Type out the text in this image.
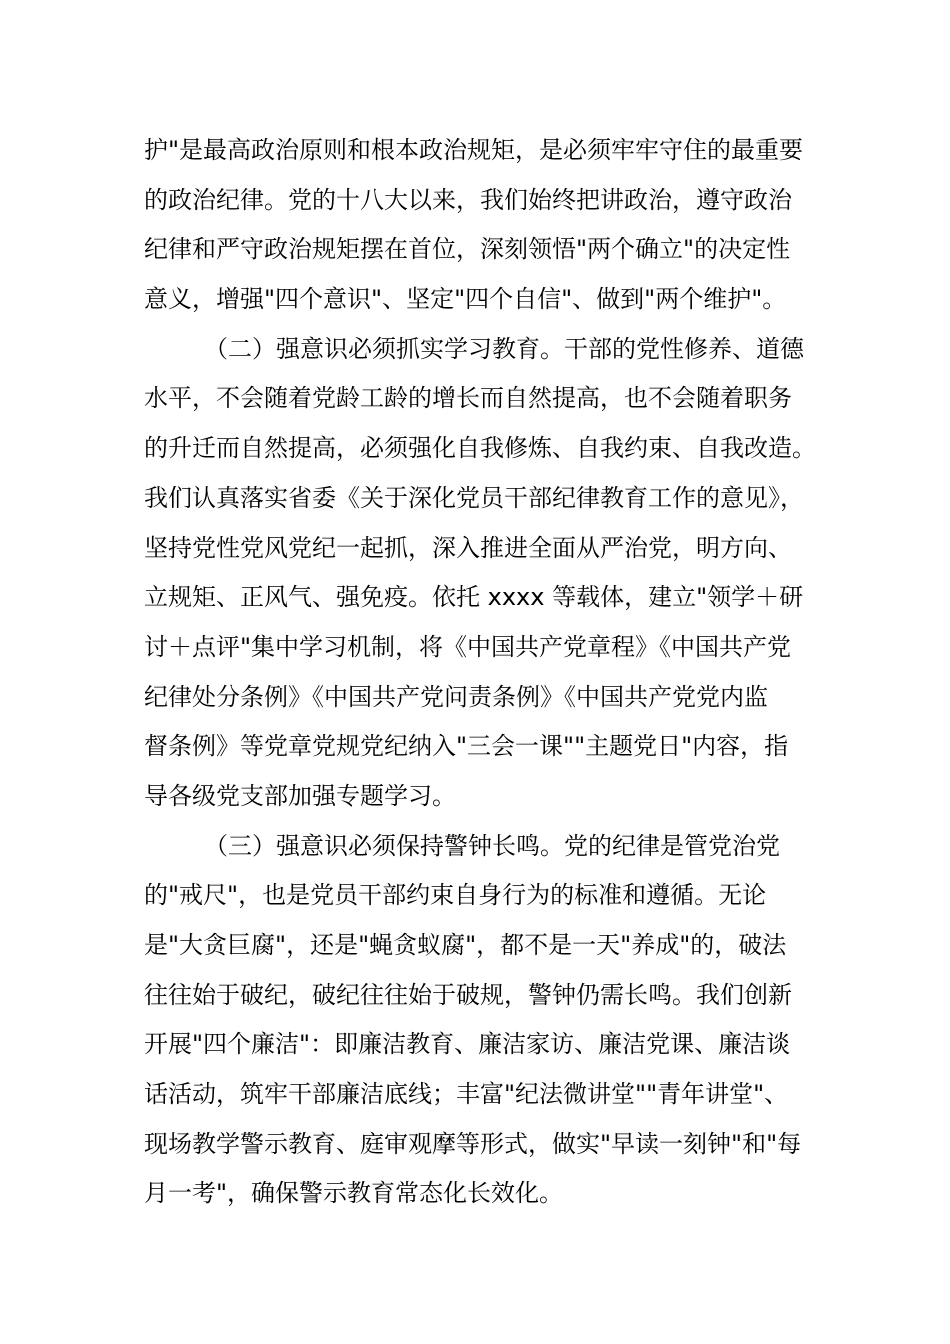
护"是最高政治原则和根本政治规矩，是必须牢牢守住的最重要
的政治纪律。党的十八大以来，我们始终把讲政治，遵守政治
纪律和严守政治规矩摆在首位，深刻领悟"两个确立"的决定性
意义，增强"四个意识"、坚定"四个自信"、做到"两个维护"。
（二）强意识必须抓实学习教育。干部的党性修养、道德
水平，不会随着党龄工龄的增长而自然提高，也不会随着职务
的升迁而自然提高，必须强化自我修炼、自我约束、自我改造。
我们认真落实省委《关于深化党员干部纪律教育工作的意见》，
坚持党性党风党纪一起抓，深入推进全面从严治党，明方向、
立规矩、正风气、强免疫。依托 xxxx 等载体，建立"领学＋研
讨＋点评"集中学习机制，将《中国共产党章程》《中国共产党
纪律处分条例》《中国共产党问责条例》《中国共产党党内监
督条例》等党章党规党纪纳入"三会一课""主题党日"内容，指
导各级党支部加强专题学习。
（三）强意识必须保持警钟长鸣。党的纪律是管党治党
的"戒尺"，也是党员干部约束自身行为的标准和遵循。无论
是"大贪巨腐"，还是"蝇贪蚁腐"，都不是一天"养成"的，破法
往往始于破纪，破纪往往始于破规，警钟仍需长鸣。我们创新
开展"四个廉洁"：即廉洁教育、廉洁家访、廉洁党课、廉洁谈
话活动，筑牢干部廉洁底线；丰富"纪法微讲堂""青年讲堂"、
现场教学警示教育、庭审观摩等形式，做实"早读一刻钟"和"每
月一考"，确保警示教育常态化长效化。
